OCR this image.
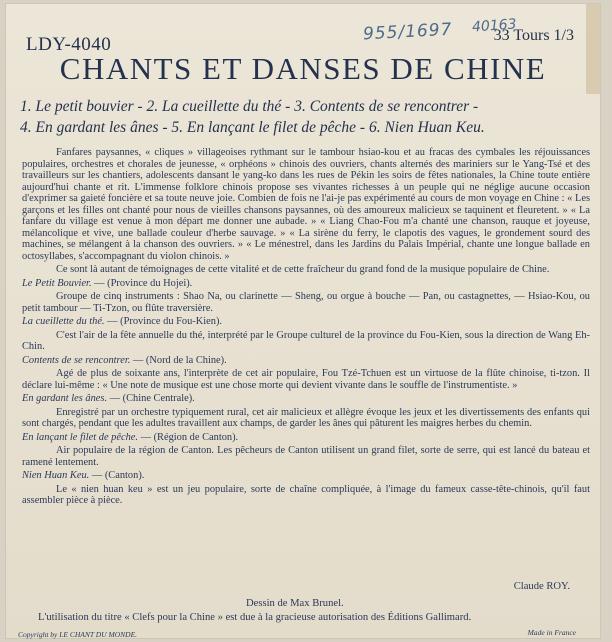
LDY-4040
955/1697 40163
33 Tours 1/3
CHANTS ET DANSES DE CHINE
1. Le petit bouvier - 2. La cueillette du thé - 3. Contents de se rencontrer -
4. En gardant les ânes - 5. En lançant le filet de pêche - 6. Nien Huan Keu.

Fanfares paysannes, « cliques » villageoises rythmant sur le tambour hsiao-kou et au fracas des cymbales les réjouissances populaires, orchestres et chorales de jeunesse, « orphéons » chinois des ouvriers, chants alternés des mariniers sur le Yang-Tsé et des travailleurs sur les chantiers, adolescents dansant le yang-ko dans les rues de Pékin les soirs de fêtes nationales, la Chine toute entière aujourd'hui chante et rit. L'immense folklore chinois propose ses vivantes richesses à un peuple qui ne néglige aucune occasion d'exprimer sa gaieté foncière et sa toute neuve joie. Combien de fois ne l'ai-je pas expérimenté au cours de mon voyage en Chine : « Les garçons et les filles ont chanté pour nous de vieilles chansons paysannes, où des amoureux malicieux se taquinent et fleuretent. » « La fanfare du village est venue à mon départ me donner une aubade. » « Liang Chao-Fou m'a chanté une chanson, rauque et joyeuse, mélancolique et vive, une ballade couleur d'herbe sauvage. » « La sirène du ferry, le clapotis des vagues, le grondement sourd des machines, se mélangent à la chanson des ouvriers. » « Le ménestrel, dans les Jardins du Palais Impérial, chante une longue ballade en octosyllabes, s'accompagnant du violon chinois. »

Ce sont là autant de témoignages de cette vitalité et de cette fraîcheur du grand fond de la musique populaire de Chine.

Le Petit Bouvier. — (Province du Hojei).

Groupe de cinq instruments : Shao Na, ou clarinette — Sheng, ou orgue à bouche — Pan, ou castagnettes, — Hsiao-Kou, ou petit tambour — Ti-Tzon, ou flûte traversière.

La cueillette du thé. — (Province du Fou-Kien).

C'est l'air de la fête annuelle du thé, interprété par le Groupe culturel de la province du Fou-Kien, sous la direction de Wang Eh-Chin.

Contents de se rencontrer. — (Nord de la Chine).

Agé de plus de soixante ans, l'interprète de cet air populaire, Fou Tzé-Tchuen est un virtuose de la flûte chinoise, ti-tzon. Il déclare lui-même : « Une note de musique est une chose morte qui devient vivante dans le souffle de l'instrumentiste. »

En gardant les ânes. — (Chine Centrale).

Enregistré par un orchestre typiquement rural, cet air malicieux et allègre évoque les jeux et les divertissements des enfants qui sont chargés, pendant que les adultes travaillent aux champs, de garder les ânes qui pâturent les maigres herbes du chemin.

En lançant le filet de pêche. — (Région de Canton).

Air populaire de la région de Canton. Les pêcheurs de Canton utilisent un grand filet, sorte de serre, qui est lancé du bateau et ramené lentement.

Nien Huan Keu. — (Canton).

Le « nien huan keu » est un jeu populaire, sorte de chaîne compliquée, à l'image du fameux casse-tête-chinois, qu'il faut assembler pièce à pièce.

Claude ROY.
Dessin de Max Brunel.
L'utilisation du titre « Clefs pour la Chine » est due à la gracieuse autorisation des Éditions Gallimard.
Copyright by LE CHANT DU MONDE.	Made in France
